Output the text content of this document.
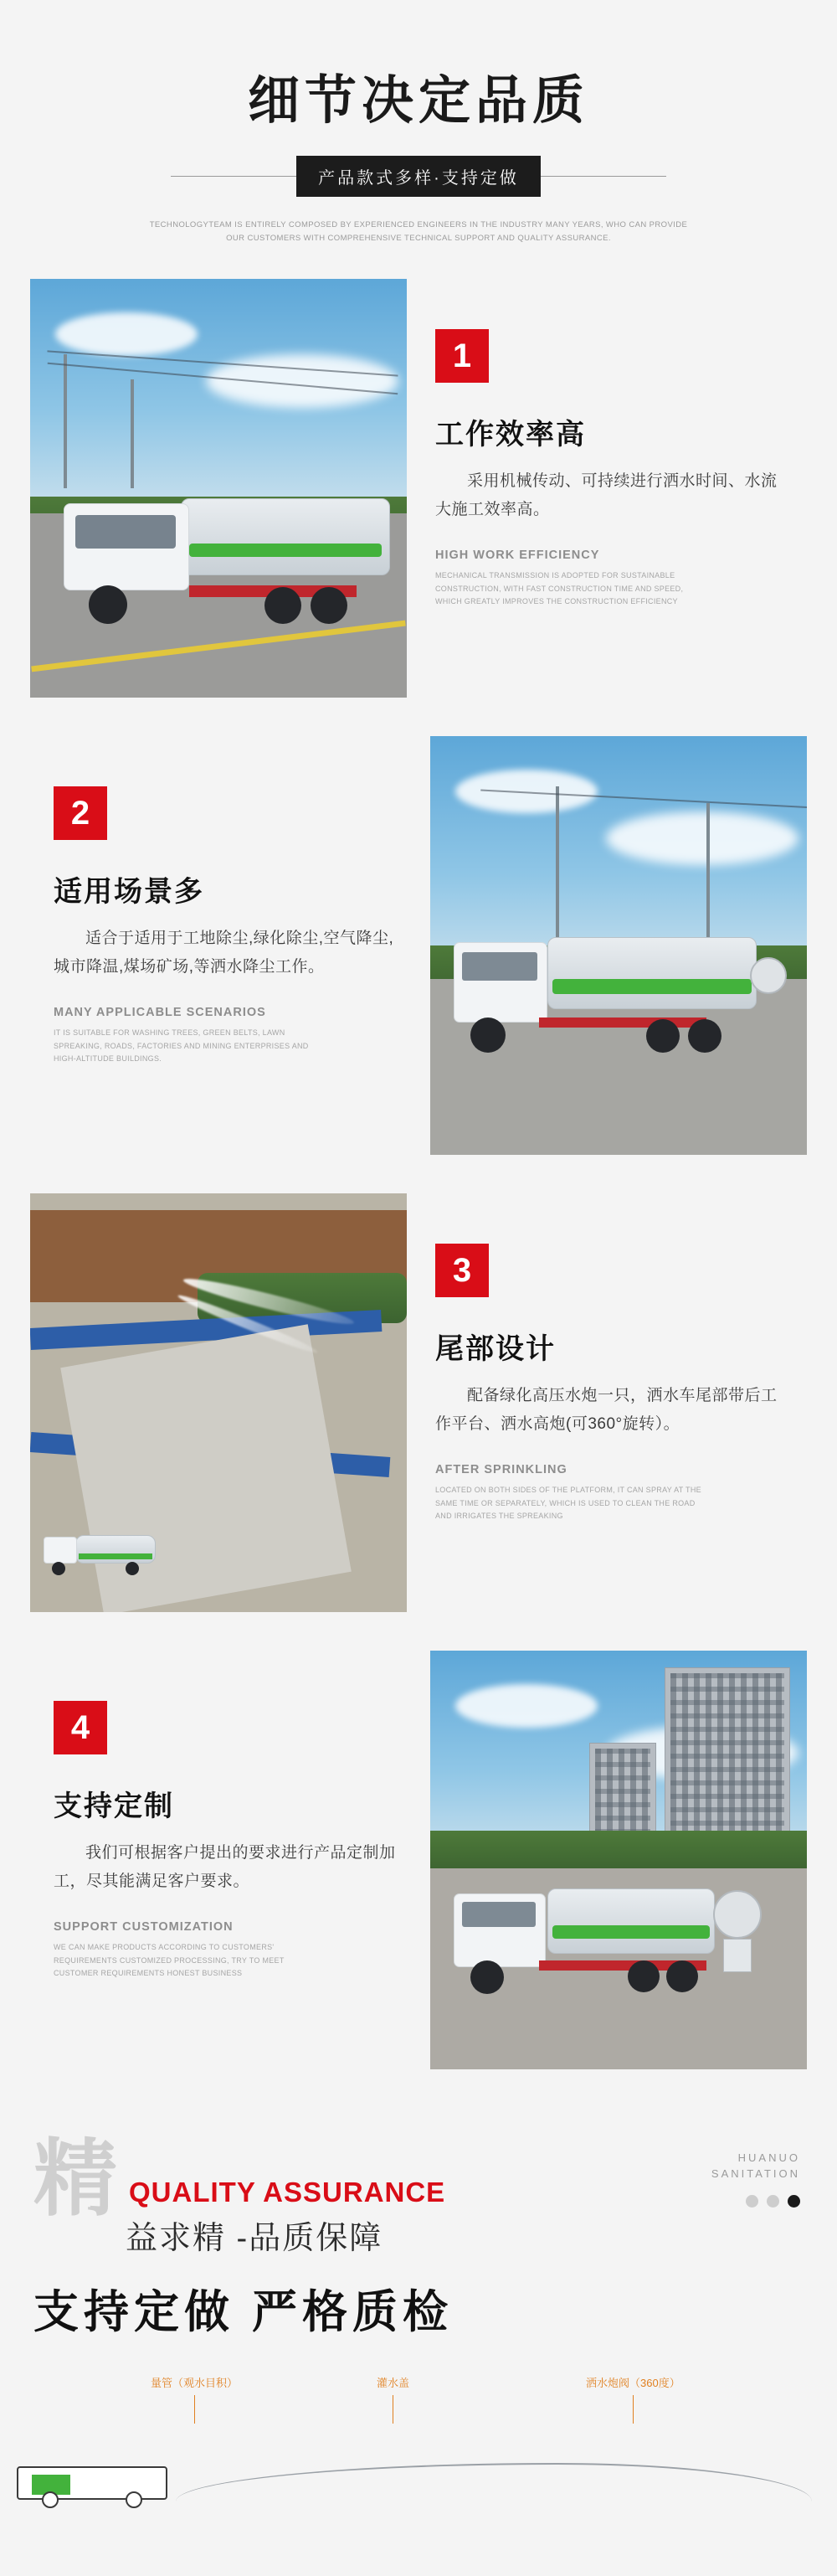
细节决定品质
产品款式多样·支持定做
TECHNOLOGYTEAM IS ENTIRELY COMPOSED BY EXPERIENCED ENGINEERS IN THE INDUSTRY MANY YEARS, WHO CAN PROVIDE
OUR CUSTOMERS WITH COMPREHENSIVE TECHNICAL SUPPORT AND QUALITY ASSURANCE.
1
工作效率高
采用机械传动、可持续进行洒水时间、水流大施工效率高。
HIGH WORK EFFICIENCY
MECHANICAL TRANSMISSION IS ADOPTED FOR SUSTAINABLE CONSTRUCTION, WITH FAST CONSTRUCTION TIME AND SPEED, WHICH GREATLY IMPROVES THE CONSTRUCTION EFFICIENCY
2
适用场景多
适合于适用于工地除尘,绿化除尘,空气降尘,城市降温,煤场矿场,等洒水降尘工作。
MANY APPLICABLE SCENARIOS
IT IS SUITABLE FOR WASHING TREES, GREEN BELTS, LAWN SPREAKING, ROADS, FACTORIES AND MINING ENTERPRISES AND HIGH-ALTITUDE BUILDINGS.
3
尾部设计
配备绿化高压水炮一只，洒水车尾部带后工作平台、洒水高炮(可360°旋转）。
AFTER SPRINKLING
LOCATED ON BOTH SIDES OF THE PLATFORM, IT CAN SPRAY AT THE SAME TIME OR SEPARATELY, WHICH IS USED TO CLEAN THE ROAD AND IRRIGATES THE SPREAKING
4
支持定制
我们可根据客户提出的要求进行产品定制加工，尽其能满足客户要求。
SUPPORT CUSTOMIZATION
WE CAN MAKE PRODUCTS ACCORDING TO CUSTOMERS' REQUIREMENTS CUSTOMIZED PROCESSING, TRY TO MEET CUSTOMER REQUIREMENTS HONEST BUSINESS
精 QUALITY ASSURANCE
益求精 -品质保障
支持定做 严格质检
HUANUO
SANITATION
量管（观水目积）	灌水盖	洒水炮阀（360度）
